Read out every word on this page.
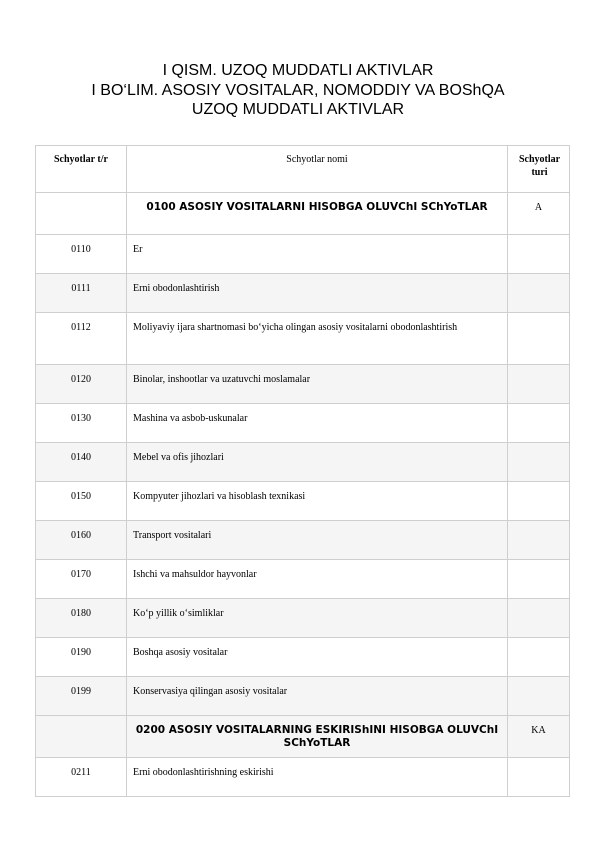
I QISM. UZOQ MUDDATLI AKTIVLAR
I BO‘LIM. ASOSIY VOSITALAR, NOMODDIY VA BOShQA
UZOQ MUDDATLI AKTIVLAR
Schyotlar t/r	Schyotlar nomi	Schyotlar turi
	0100 ASOSIY VOSITALARNI HISOBGA OLUVChI SChYoTLAR	A
0110	Er	
0111	Erni obodonlashtirish	
0112	Moliyaviy ijara shartnomasi bo‘yicha olingan asosiy vositalarni obodonlashtirish	
0120	Binolar, inshootlar va uzatuvchi moslamalar	
0130	Mashina va asbob-uskunalar	
0140	Mebel va ofis jihozlari	
0150	Kompyuter jihozlari va hisoblash texnikasi	
0160	Transport vositalari	
0170	Ishchi va mahsuldor hayvonlar	
0180	Ko‘p yillik o‘simliklar	
0190	Boshqa asosiy vositalar	
0199	Konservasiya qilingan asosiy vositalar	
	0200 ASOSIY VOSITALARNING ESKIRIShINI HISOBGA OLUVChI SChYoTLAR	KA
0211	Erni obodonlashtirishning eskirishi	
